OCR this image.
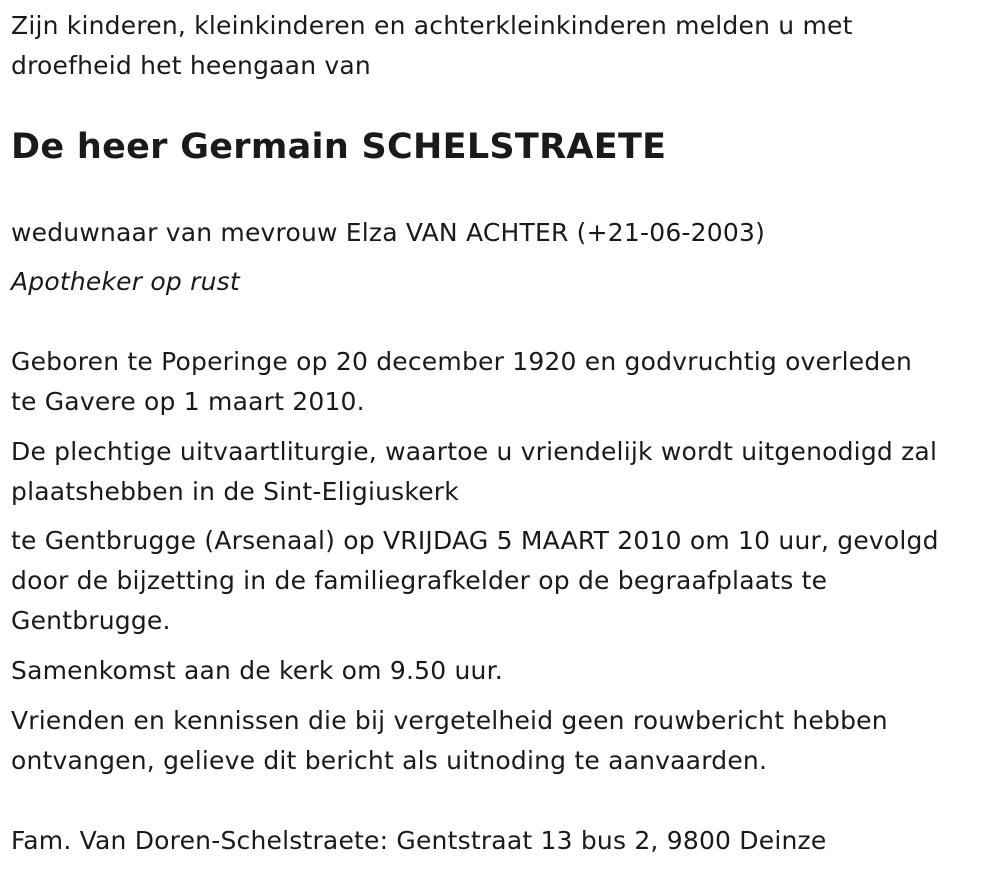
Zijn kinderen, kleinkinderen en achterkleinkinderen melden u met

droefheid het heengaan van

De heer Germain SCHELSTRAETE

weduwnaar van mevrouw Elza VAN ACHTER (+21-06-2003)

Apotheker op rust

Geboren te Poperinge op 20 december 1920 en godvruchtig overleden

te Gavere op 1 maart 2010.

De plechtige uitvaartliturgie, waartoe u vriendelijk wordt uitgenodigd zal

plaatshebben in de Sint-Eligiuskerk

te Gentbrugge (Arsenaal) op VRIJDAG 5 MAART 2010 om 10 uur, gevolgd

door de bijzetting in de familiegrafkelder op de begraafplaats te

Gentbrugge.

Samenkomst aan de kerk om 9.50 uur.

Vrienden en kennissen die bij vergetelheid geen rouwbericht hebben

ontvangen, gelieve dit bericht als uitnoding te aanvaarden.

Fam. Van Doren-Schelstraete: Gentstraat 13 bus 2, 9800 Deinze
